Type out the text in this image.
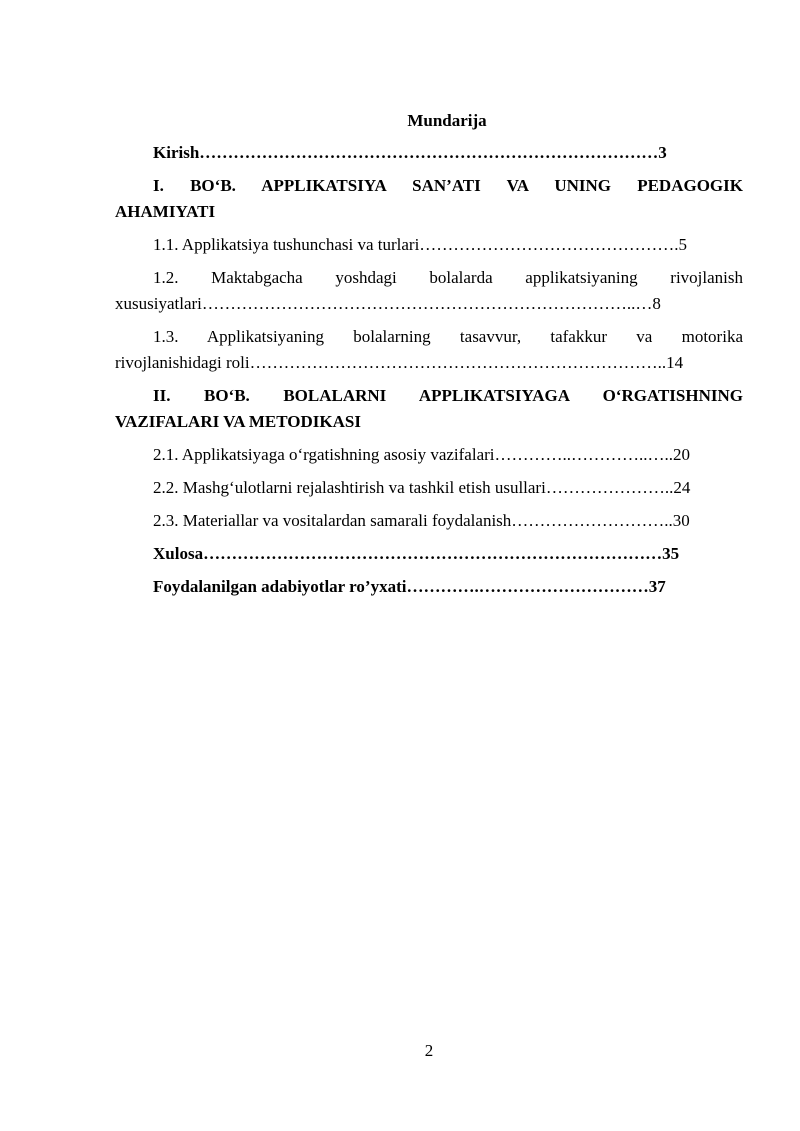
Mundarija
Kirish………………………………………………………………………3
I. BO‘B. APPLIKATSIYA SAN’ATI VA UNING PEDAGOGIK
AHAMIYATI
1.1. Applikatsiya tushunchasi va turlari……………………………………….5
1.2. Maktabgacha yoshdagi bolalarda applikatsiyaning rivojlanish
xususiyatlari…………………………………………………………………..…8
1.3. Applikatsiyaning bolalarning tasavvur, tafakkur va motorika
rivojlanishidagi roli………………………………………………………………..14
II. BO‘B. BOLALARNI APPLIKATSIYAGA O‘RGATISHNING
VAZIFALARI VA METODIKASI
2.1. Applikatsiyaga o‘rgatishning asosiy vazifalari…………..…………..…..20
2.2. Mashg‘ulotlarni rejalashtirish va tashkil etish usullari…………………..24
2.3. Materiallar va vositalardan samarali foydalanish………………………..30
Xulosa………………………………………………………………………35
Foydalanilgan adabiyotlar ro’yxati………….…………………………37
2
